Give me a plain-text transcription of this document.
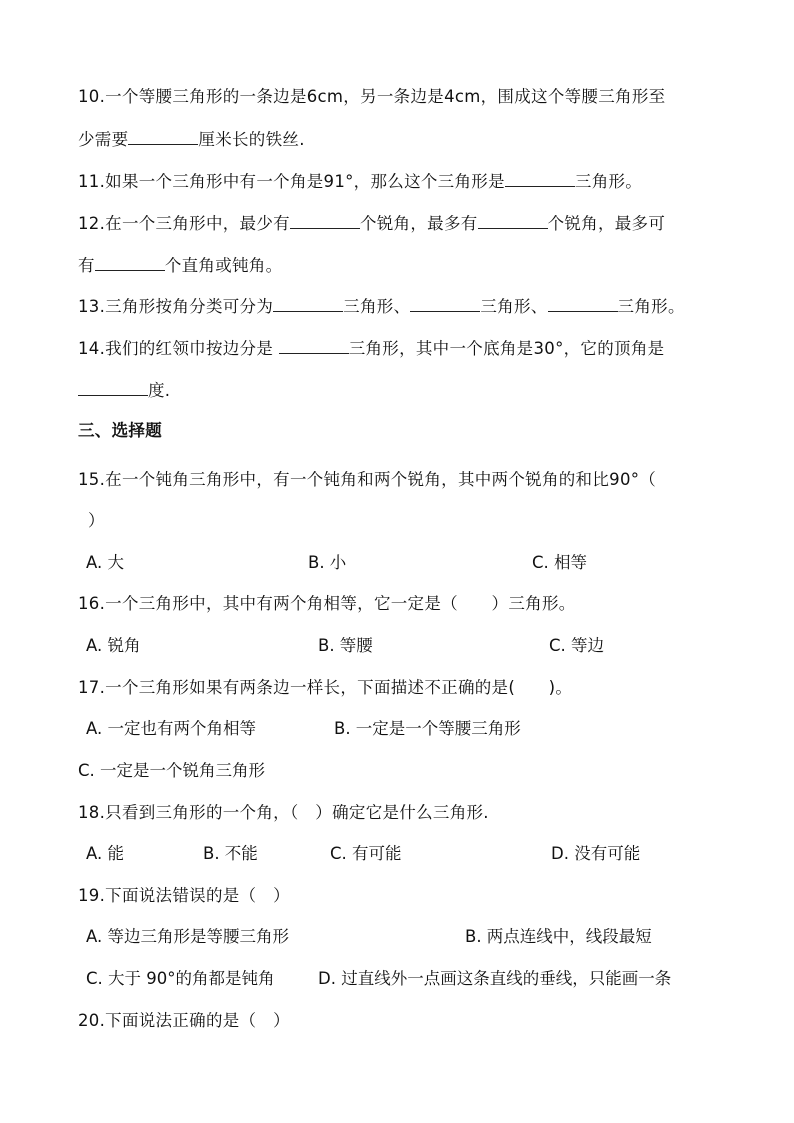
10.一个等腰三角形的一条边是6cm，另一条边是4cm，围成这个等腰三角形至
少需要	厘米长的铁丝.
11.如果一个三角形中有一个角是91°，那么这个三角形是	三角形。
12.在一个三角形中，最少有	个锐角，最多有	个锐角，最多可
有	个直角或钝角。
13.三角形按角分类可分为	三角形、	三角形、	三角形。
14.我们的红领巾按边分是	三角形，其中一个底角是30°，它的顶角是
度.
三、选择题
15.在一个钝角三角形中，有一个钝角和两个锐角，其中两个锐角的和比90°（
）
A. 大	B. 小	C. 相等
16.一个三角形中，其中有两个角相等，它一定是（　　）三角形。
A. 锐角	B. 等腰	C. 等边
17.一个三角形如果有两条边一样长，下面描述不正确的是(　　)。
A. 一定也有两个角相等	B. 一定是一个等腰三角形
C. 一定是一个锐角三角形
18.只看到三角形的一个角，（　）确定它是什么三角形.
A. 能	B. 不能	C. 有可能	D. 没有可能
19.下面说法错误的是（　）
A. 等边三角形是等腰三角形	B. 两点连线中，线段最短
C. 大于 90°的角都是钝角	D. 过直线外一点画这条直线的垂线，只能画一条
20.下面说法正确的是（　）
